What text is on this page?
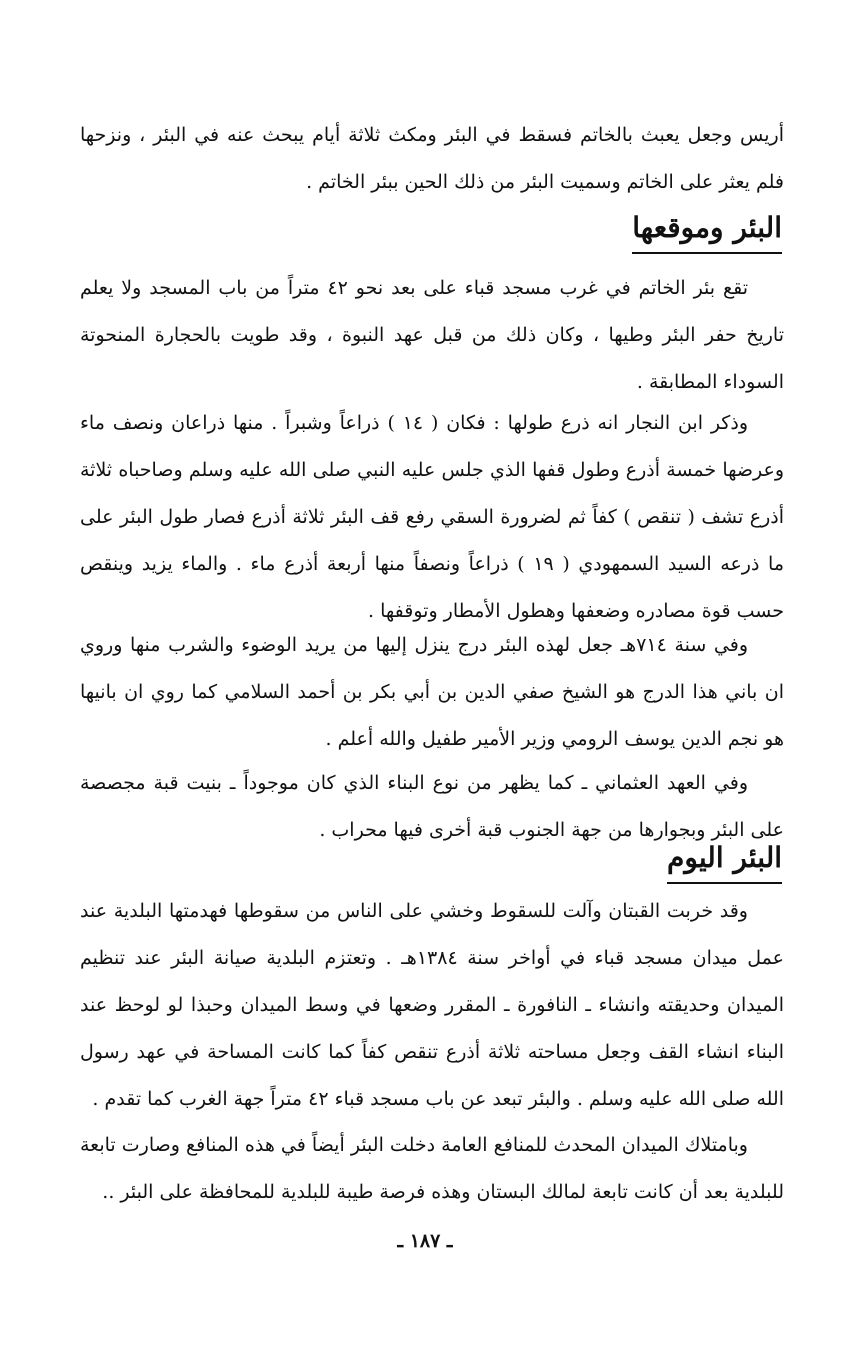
أريس وجعل يعبث بالخاتم فسقط في البئر ومكث ثلاثة أيام يبحث عنه في البئر ، ونزحها فلم يعثر على الخاتم وسميت البئر من ذلك الحين ببئر الخاتم .

البئر وموقعها

تقع بئر الخاتم في غرب مسجد قباء على بعد نحو ٤٢ متراً من باب المسجد ولا يعلم تاريخ حفر البئر وطيها ، وكان ذلك من قبل عهد النبوة ، وقد طويت بالحجارة المنحوتة السوداء المطابقة .

وذكر ابن النجار انه ذرع طولها : فكان ( ١٤ ) ذراعاً وشبراً . منها ذراعان ونصف ماء وعرضها خمسة أذرع وطول قفها الذي جلس عليه النبي صلى الله عليه وسلم وصاحباه ثلاثة أذرع تشف ( تنقص ) كفاً ثم لضرورة السقي رفع قف البئر ثلاثة أذرع فصار طول البئر على ما ذرعه السيد السمهودي ( ١٩ ) ذراعاً ونصفاً منها أربعة أذرع ماء . والماء يزيد وينقص حسب قوة مصادره وضعفها وهطول الأمطار وتوقفها .

وفي سنة ٧١٤هـ جعل لهذه البئر درج ينزل إليها من يريد الوضوء والشرب منها وروي ان باني هذا الدرج هو الشيخ صفي الدين بن أبي بكر بن أحمد السلامي كما روي ان بانيها هو نجم الدين يوسف الرومي وزير الأمير طفيل والله أعلم .

وفي العهد العثماني ـ كما يظهر من نوع البناء الذي كان موجوداً ـ بنيت قبة مجصصة على البئر وبجوارها من جهة الجنوب قبة أخرى فيها محراب .

البئر اليوم

وقد خربت القبتان وآلت للسقوط وخشي على الناس من سقوطها فهدمتها البلدية عند عمل ميدان مسجد قباء في أواخر سنة ١٣٨٤هـ . وتعتزم البلدية صيانة البئر عند تنظيم الميدان وحديقته وانشاء ـ النافورة ـ المقرر وضعها في وسط الميدان وحبذا لو لوحظ عند البناء انشاء القف وجعل مساحته ثلاثة أذرع تنقص كفاً كما كانت المساحة في عهد رسول الله صلى الله عليه وسلم . والبئر تبعد عن باب مسجد قباء ٤٢ متراً جهة الغرب كما تقدم .

وبامتلاك الميدان المحدث للمنافع العامة دخلت البئر أيضاً في هذه المنافع وصارت تابعة للبلدية بعد أن كانت تابعة لمالك البستان وهذه فرصة طيبة للبلدية للمحافظة على البئر ..

ـ ١٨٧ ـ
